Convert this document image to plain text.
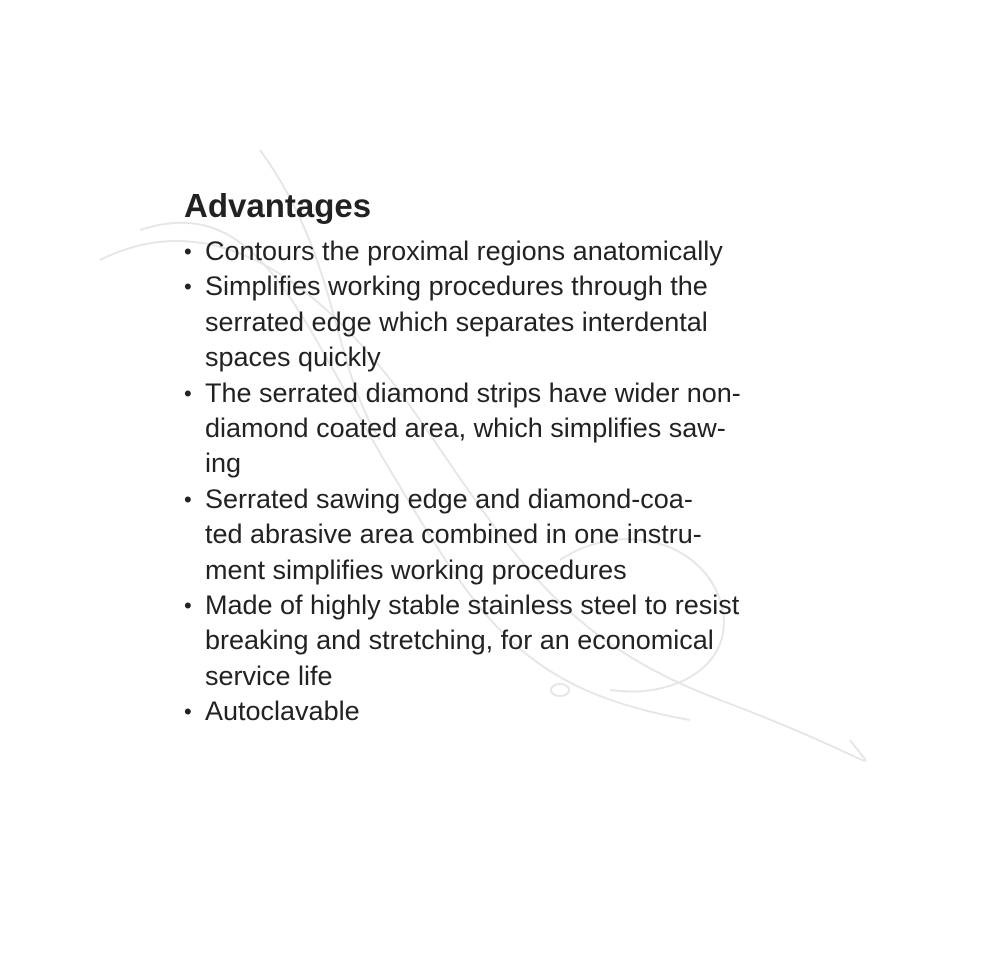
Advantages
• Contours the proximal regions anatomically
• Simplifies working procedures through the
serrated edge which separates interdental
spaces quickly
• The serrated diamond strips have wider non-
diamond coated area, which simplifies saw-
ing
• Serrated sawing edge and diamond-coa-
ted abrasive area combined in one instru-
ment simplifies working procedures
• Made of highly stable stainless steel to resist
breaking and stretching, for an economical
service life
• Autoclavable
